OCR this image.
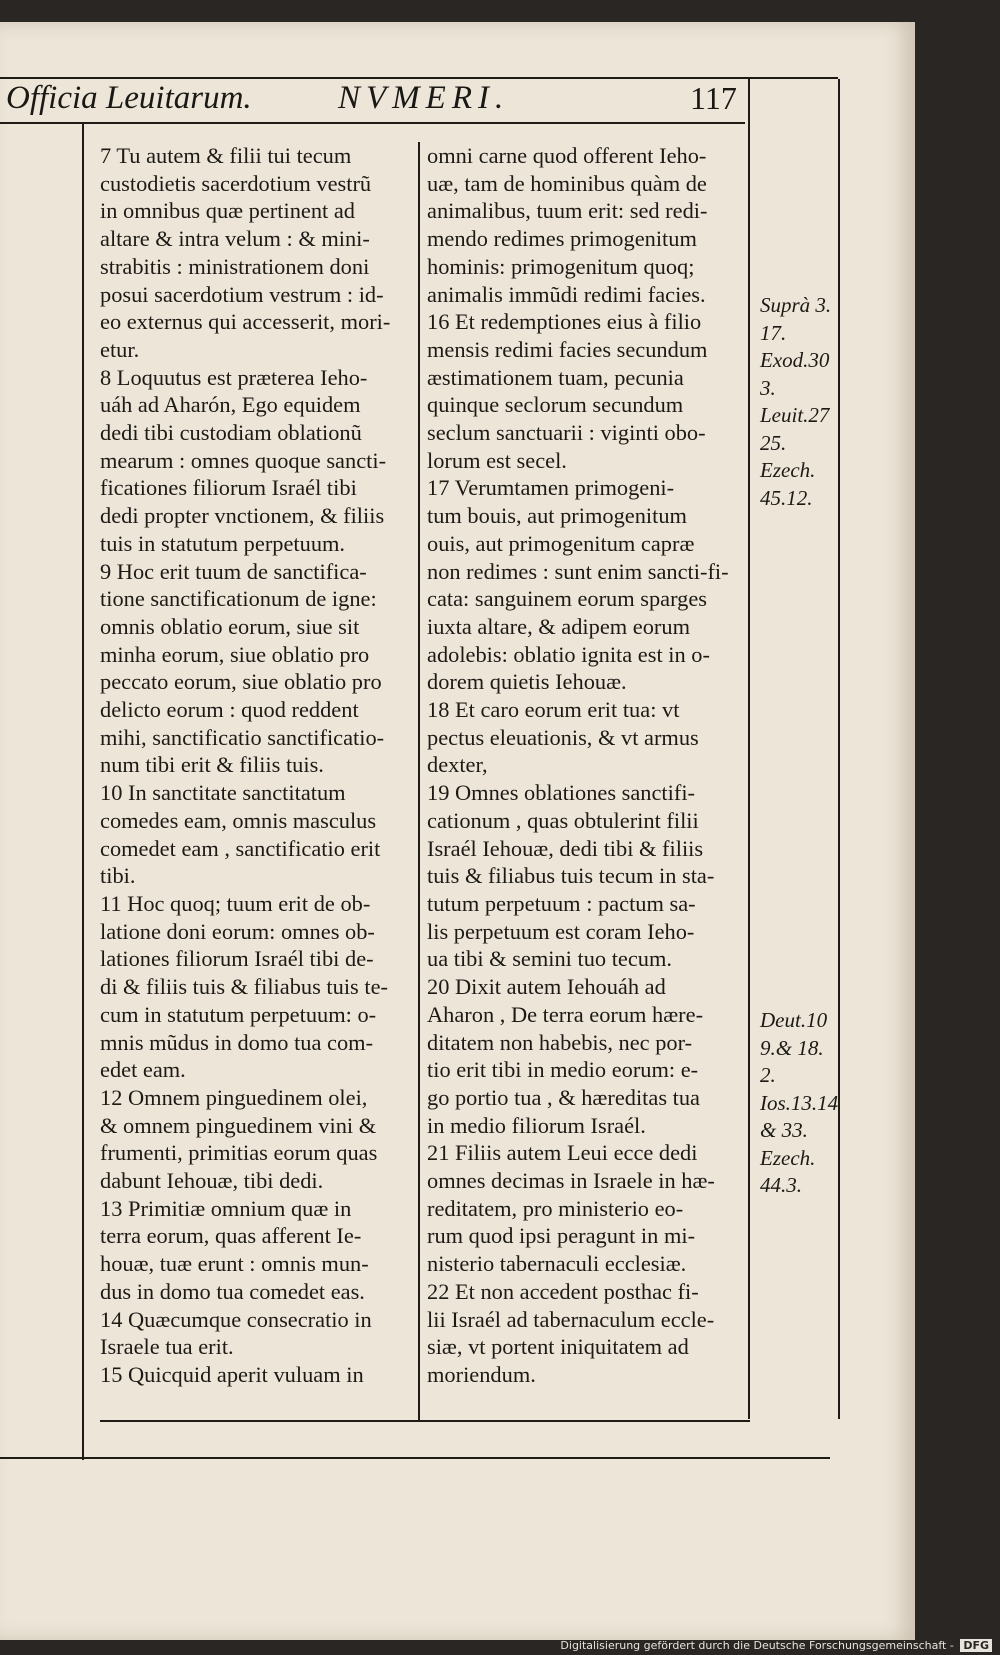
Officia Leuitarum.	NVMERI.	117

7 Tu autem & filii tui tecum

custodietis sacerdotium vestrũ

in omnibus quæ pertinent ad

altare & intra velum : & mini-

strabitis : ministrationem doni

posui sacerdotium vestrum : id-

eo externus qui accesserit, mori-

etur.

8 Loquutus est præterea Ieho-

uáh ad Aharón, Ego equidem

dedi tibi custodiam oblationũ

mearum : omnes quoque sancti-

ficationes filiorum Israél tibi

dedi propter vnctionem, & filiis

tuis in statutum perpetuum.

9 Hoc erit tuum de sanctifica-

tione sanctificationum de igne:

omnis oblatio eorum, siue sit

minha eorum, siue oblatio pro

peccato eorum, siue oblatio pro

delicto eorum : quod reddent

mihi, sanctificatio sanctificatio-

num tibi erit & filiis tuis.

10 In sanctitate sanctitatum

comedes eam, omnis masculus

comedet eam , sanctificatio erit

tibi.

11 Hoc quoq; tuum erit de ob-

latione doni eorum: omnes ob-

lationes filiorum Israél tibi de-

di & filiis tuis & filiabus tuis te-

cum in statutum perpetuum: o-

mnis mũdus in domo tua com-

edet eam.

12 Omnem pinguedinem olei,

& omnem pinguedinem vini &

frumenti, primitias eorum quas

dabunt Iehouæ, tibi dedi.

13 Primitiæ omnium quæ in

terra eorum, quas afferent Ie-

houæ, tuæ erunt : omnis mun-

dus in domo tua comedet eas.

14 Quæcumque consecratio in

Israele tua erit.

15 Quicquid aperit vuluam in

omni carne quod offerent Ieho-

uæ, tam de hominibus quàm de

animalibus, tuum erit: sed redi-

mendo redimes primogenitum

hominis: primogenitum quoq;

animalis immũdi redimi facies.

16 Et redemptiones eius à filio

mensis redimi facies secundum

æstimationem tuam, pecunia

quinque seclorum secundum

seclum sanctuarii : viginti obo-

lorum est secel.

17 Verumtamen primogeni-

tum bouis, aut primogenitum

ouis, aut primogenitum capræ

non redimes : sunt enim sancti-fi-

cata: sanguinem eorum sparges

iuxta altare, & adipem eorum

adolebis: oblatio ignita est in o-

dorem quietis Iehouæ.

18 Et caro eorum erit tua: vt

pectus eleuationis, & vt armus

dexter,

19 Omnes oblationes sanctifi-

cationum , quas obtulerint filii

Israél Iehouæ, dedi tibi & filiis

tuis & filiabus tuis tecum in sta-

tutum perpetuum : pactum sa-

lis perpetuum est coram Ieho-

ua tibi & semini tuo tecum.

20 Dixit autem Iehouáh ad

Aharon , De terra eorum hære-

ditatem non habebis, nec por-

tio erit tibi in medio eorum: e-

go portio tua , & hæreditas tua

in medio filiorum Israél.

21 Filiis autem Leui ecce dedi

omnes decimas in Israele in hæ-

reditatem, pro ministerio eo-

rum quod ipsi peragunt in mi-

nisterio tabernaculi ecclesiæ.

22 Et non accedent posthac fi-

lii Israél ad tabernaculum eccle-

siæ, vt portent iniquitatem ad

moriendum.

Suprà 3.

17.

Exod.30

3.

Leuit.27

25.

Ezech.

45.12.

Deut.10

9.& 18.

2.

Ios.13.14

& 33.

Ezech.

44.3.

Digitalisierung gefördert durch die Deutsche Forschungsgemeinschaft - DFG
